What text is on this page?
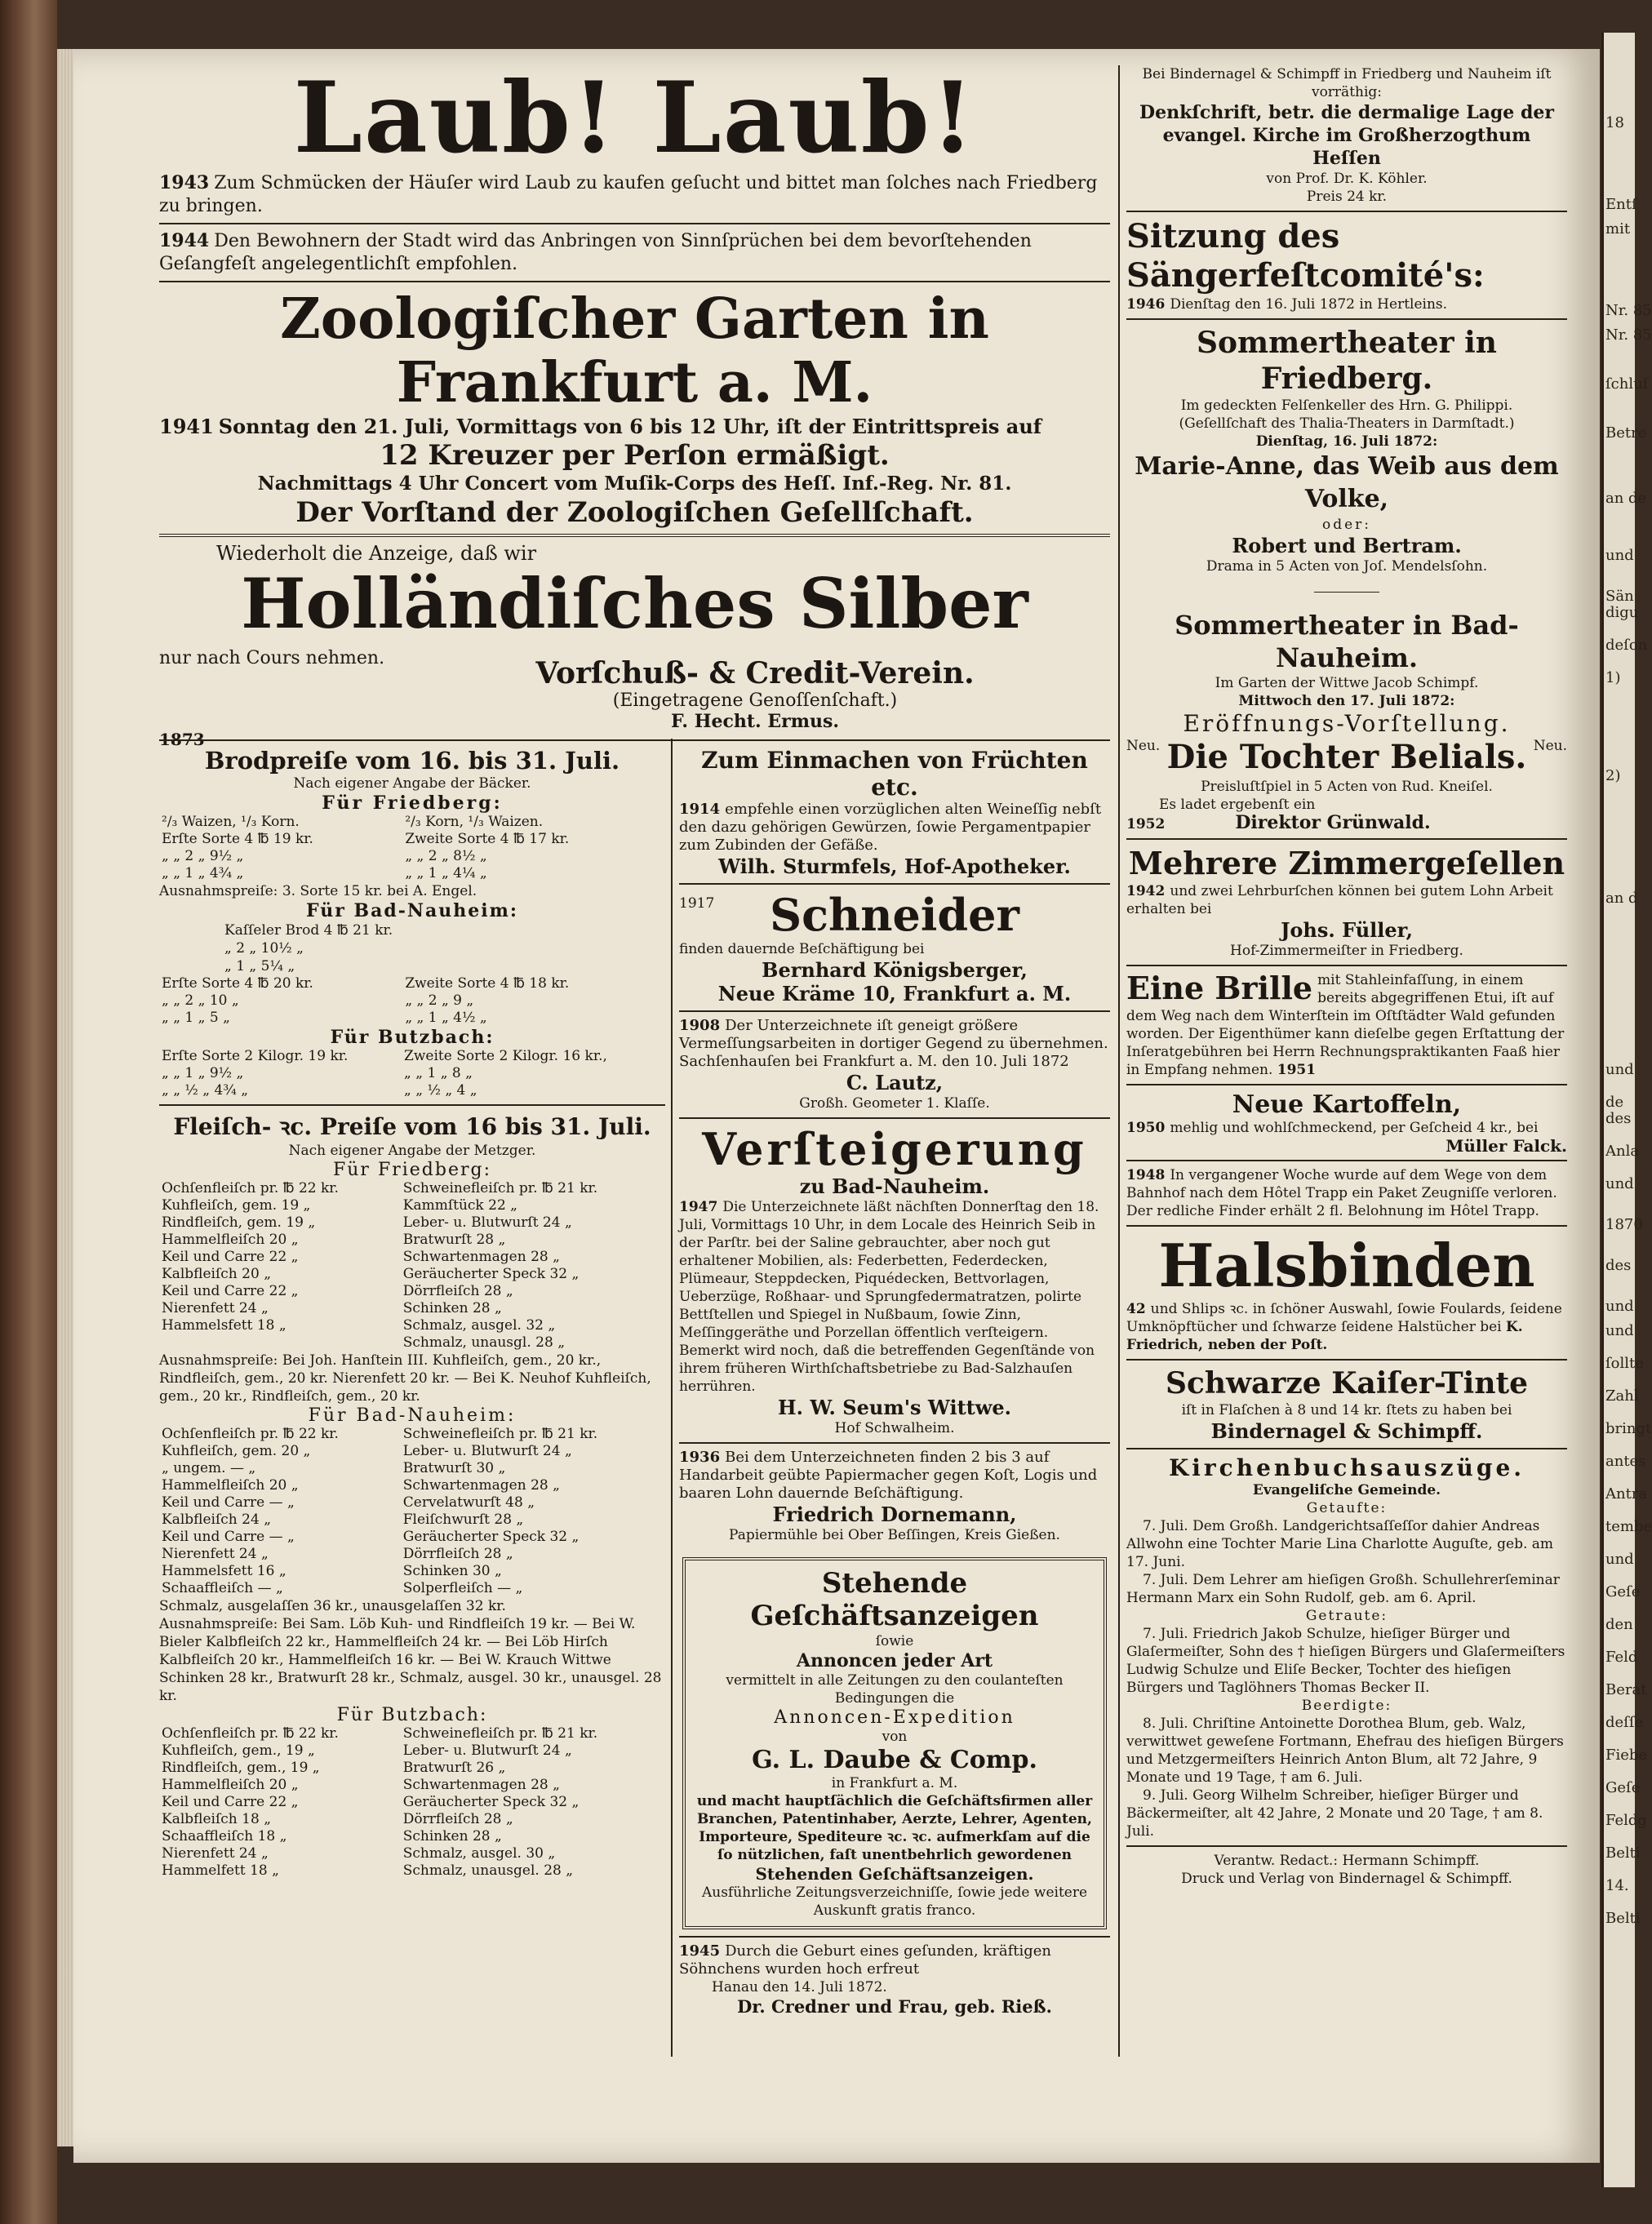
18
Entſ
mit
Nr. 85
Nr. 85
ſchluſ
Betre
an de
und
Sän
digu
deſon
1)
2)
an d
und
de
des
Anla
und
1870
des
und
und
ſollte
Zahl
bringt
antes
Antra
tembe
und
Geſe
den
Feld
Berat
deſſe
Fiebe
Geſe
Feldg
Belti
14.
Belti
Laub! Laub!
1943 Zum Schmücken der Häuſer wird Laub zu kaufen geſucht und bittet man ſolches nach Friedberg zu bringen.
1944 Den Bewohnern der Stadt wird das Anbringen von Sinnſprüchen bei dem bevorſtehenden Geſangfeſt angelegentlichſt empfohlen.
Zoologiſcher Garten in Frankfurt a. M.
1941 Sonntag den 21. Juli, Vormittags von 6 bis 12 Uhr, iſt der Eintrittspreis auf
12 Kreuzer per Perſon ermäßigt.
Nachmittags 4 Uhr Concert vom Muſik-Corps des Heſſ. Inf.-Reg. Nr. 81.
Der Vorſtand der Zoologiſchen Geſellſchaft.
Wiederholt die Anzeige, daß wir
Holländiſches Silber
nur nach Cours nehmen.	Vorſchuß- & Credit-Verein.
(Eingetragene Genoſſenſchaft.)
F. Hecht. Ermus.
1873
Brodpreiſe vom 16. bis 31. Juli.
Nach eigener Angabe der Bäcker.
Für Friedberg:
²/₃ Waizen, ¹/₃ Korn.	²/₃ Korn, ¹/₃ Waizen.
Erſte Sorte 4 ℔ 19 kr.	Zweite Sorte 4 ℔ 17 kr.
„ „ 2 „ 9½ „	„ „ 2 „ 8½ „
„ „ 1 „ 4¾ „	„ „ 1 „ 4¼ „
Ausnahmspreiſe: 3. Sorte 15 kr. bei A. Engel.
Für Bad-Nauheim:
Kaſſeler Brod 4 ℔ 21 kr.
„ 2 „ 10½ „
„ 1 „ 5¼ „
Erſte Sorte 4 ℔ 20 kr.	Zweite Sorte 4 ℔ 18 kr.
„ „ 2 „ 10 „	„ „ 2 „ 9 „
„ „ 1 „ 5 „	„ „ 1 „ 4½ „
Für Butzbach:
Erſte Sorte 2 Kilogr. 19 kr.	Zweite Sorte 2 Kilogr. 16 kr.,
„ „ 1 „ 9½ „	„ „ 1 „ 8 „
„ „ ½ „ 4¾ „	„ „ ½ „ 4 „
Fleiſch- ꝛc. Preiſe vom 16 bis 31. Juli.
Nach eigener Angabe der Metzger.
Für Friedberg:
Ochſenfleiſch pr. ℔ 22 kr.	Schweinefleiſch pr. ℔ 21 kr.
Kuhfleiſch, gem. 19 „	Kammſtück 22 „
Rindfleiſch, gem. 19 „	Leber- u. Blutwurſt 24 „
Hammelfleiſch 20 „	Bratwurſt 28 „
Keil und Carre 22 „	Schwartenmagen 28 „
Kalbfleiſch 20 „	Geräucherter Speck 32 „
Keil und Carre 22 „	Dörrfleiſch 28 „
Nierenfett 24 „	Schinken 28 „
Hammelsfett 18 „	Schmalz, ausgel. 32 „
	Schmalz, unausgl. 28 „
Ausnahmspreiſe: Bei Joh. Hanſtein III. Kuhfleiſch, gem., 20 kr., Rindfleiſch, gem., 20 kr. Nierenfett 20 kr. — Bei K. Neuhof Kuhfleiſch, gem., 20 kr., Rindfleiſch, gem., 20 kr.
Für Bad-Nauheim:
Ochſenfleiſch pr. ℔ 22 kr.	Schweinefleiſch pr. ℔ 21 kr.
Kuhfleiſch, gem. 20 „	Leber- u. Blutwurſt 24 „
„ ungem. — „	Bratwurſt 30 „
Hammelfleiſch 20 „	Schwartenmagen 28 „
Keil und Carre — „	Cervelatwurſt 48 „
Kalbfleiſch 24 „	Fleiſchwurſt 28 „
Keil und Carre — „	Geräucherter Speck 32 „
Nierenfett 24 „	Dörrfleiſch 28 „
Hammelsfett 16 „	Schinken 30 „
Schaaffleiſch — „	Solperfleiſch — „
Schmalz, ausgelaſſen 36 kr., unausgelaſſen 32 kr.
Ausnahmspreiſe: Bei Sam. Löb Kuh- und Rindfleiſch 19 kr. — Bei W. Bieler Kalbfleiſch 22 kr., Hammelfleiſch 24 kr. — Bei Löb Hirſch Kalbfleiſch 20 kr., Hammelfleiſch 16 kr. — Bei W. Krauch Wittwe Schinken 28 kr., Bratwurſt 28 kr., Schmalz, ausgel. 30 kr., unausgel. 28 kr.
Für Butzbach:
Ochſenfleiſch pr. ℔ 22 kr.	Schweinefleiſch pr. ℔ 21 kr.
Kuhfleiſch, gem., 19 „	Leber- u. Blutwurſt 24 „
Rindfleiſch, gem., 19 „	Bratwurſt 26 „
Hammelfleiſch 20 „	Schwartenmagen 28 „
Keil und Carre 22 „	Geräucherter Speck 32 „
Kalbfleiſch 18 „	Dörrfleiſch 28 „
Schaaffleiſch 18 „	Schinken 28 „
Nierenfett 24 „	Schmalz, ausgel. 30 „
Hammelfett 18 „	Schmalz, unausgel. 28 „
Zum Einmachen von Früchten etc.
1914 empfehle einen vorzüglichen alten Weineſſig nebſt den dazu gehörigen Gewürzen, ſowie Pergamentpapier zum Zubinden der Gefäße.
Wilh. Sturmfels, Hof-Apotheker.
1917	Schneider
finden dauernde Beſchäftigung bei
Bernhard Königsberger,
Neue Kräme 10, Frankfurt a. M.
1908 Der Unterzeichnete iſt geneigt größere Vermeſſungsarbeiten in dortiger Gegend zu übernehmen. Sachſenhauſen bei Frankfurt a. M. den 10. Juli 1872
C. Lautz,
Großh. Geometer 1. Klaſſe.
Verſteigerung
zu Bad-Nauheim.
1947 Die Unterzeichnete läßt nächſten Donnerſtag den 18. Juli, Vormittags 10 Uhr, in dem Locale des Heinrich Seib in der Parſtr. bei der Saline gebrauchter, aber noch gut erhaltener Mobilien, als: Federbetten, Federdecken, Plümeaur, Steppdecken, Piquédecken, Bettvorlagen, Ueberzüge, Roßhaar- und Sprungfedermatratzen, polirte Bettſtellen und Spiegel in Nußbaum, ſowie Zinn, Meſſinggeräthe und Porzellan öffentlich verſteigern. Bemerkt wird noch, daß die betreffenden Gegenſtände von ihrem früheren Wirthſchaftsbetriebe zu Bad-Salzhauſen herrühren.
H. W. Seum's Wittwe.
Hof Schwalheim.
1936 Bei dem Unterzeichneten finden 2 bis 3 auf Handarbeit geübte Papiermacher gegen Koſt, Logis und baaren Lohn dauernde Beſchäftigung.
Friedrich Dornemann,
Papiermühle bei Ober Beſſingen, Kreis Gießen.
Stehende Geſchäftsanzeigen
ſowie
Annoncen jeder Art
vermittelt in alle Zeitungen zu den coulanteſten Bedingungen die
Annoncen-Expedition
von
G. L. Daube & Comp.
in Frankfurt a. M.
und macht hauptſächlich die Geſchäftsfirmen aller Branchen, Patentinhaber, Aerzte, Lehrer, Agenten, Importeure, Spediteure ꝛc. ꝛc. aufmerkſam auf die ſo nützlichen, faſt unentbehrlich gewordenen
Stehenden Geſchäftsanzeigen.
Ausführliche Zeitungsverzeichniſſe, ſowie jede weitere Auskunft gratis franco.
1945 Durch die Geburt eines geſunden, kräftigen Söhnchens wurden hoch erfreut
Hanau den 14. Juli 1872.
Dr. Credner und Frau, geb. Rieß.
Bei Bindernagel & Schimpff in Friedberg und Nauheim iſt vorräthig:
Denkſchrift, betr. die dermalige Lage der evangel. Kirche im Großherzogthum Heſſen
von Prof. Dr. K. Köhler.
Preis 24 kr.
Sitzung des Sängerfeſtcomité's:
1946 Dienſtag den 16. Juli 1872 in Hertleins.
Sommertheater in Friedberg.
Im gedeckten Felſenkeller des Hrn. G. Philippi.
(Geſellſchaft des Thalia-Theaters in Darmſtadt.)
Dienſtag, 16. Juli 1872:
Marie-Anne, das Weib aus dem Volke,
oder:
Robert und Bertram.
Drama in 5 Acten von Joſ. Mendelsſohn.
Sommertheater in Bad-Nauheim.
Im Garten der Wittwe Jacob Schimpf.
Mittwoch den 17. Juli 1872:
Eröffnungs-Vorſtellung.
Neu.	Neu.
Die Tochter Belials.
Preisluſtſpiel in 5 Acten von Rud. Kneiſel.
Es ladet ergebenſt ein
1952	Direktor Grünwald.
Mehrere Zimmergeſellen
1942 und zwei Lehrburſchen können bei gutem Lohn Arbeit erhalten bei
Johs. Füller,
Hof-Zimmermeiſter in Friedberg.
Eine Brille mit Stahleinfaſſung, in einem bereits abgegriffenen Etui, iſt auf dem Weg nach dem Winterſtein im Oſtſtädter Wald gefunden worden. Der Eigenthümer kann dieſelbe gegen Erſtattung der Inſeratgebühren bei Herrn Rechnungspraktikanten Faaß hier in Empfang nehmen. 1951
Neue Kartoffeln,
1950 mehlig und wohlſchmeckend, per Geſcheid 4 kr., bei
Müller Falck.
1948 In vergangener Woche wurde auf dem Wege von dem Bahnhof nach dem Hôtel Trapp ein Paket Zeugniſſe verloren. Der redliche Finder erhält 2 fl. Belohnung im Hôtel Trapp.
Halsbinden
42 und Shlips ꝛc. in ſchöner Auswahl, ſowie Foulards, ſeidene Umknöpftücher und ſchwarze ſeidene Halstücher bei K. Friedrich, neben der Poſt.
Schwarze Kaiſer-Tinte
iſt in Flaſchen à 8 und 14 kr. ſtets zu haben bei
Bindernagel & Schimpff.
Kirchenbuchsauszüge.
Evangeliſche Gemeinde.
Getaufte:
7. Juli. Dem Großh. Landgerichtsaſſeſſor dahier Andreas Allwohn eine Tochter Marie Lina Charlotte Auguſte, geb. am 17. Juni.
7. Juli. Dem Lehrer am hieſigen Großh. Schullehrerſeminar Hermann Marx ein Sohn Rudolf, geb. am 6. April.
Getraute:
7. Juli. Friedrich Jakob Schulze, hieſiger Bürger und Glaſermeiſter, Sohn des † hieſigen Bürgers und Glaſermeiſters Ludwig Schulze und Eliſe Becker, Tochter des hieſigen Bürgers und Taglöhners Thomas Becker II.
Beerdigte:
8. Juli. Chriſtine Antoinette Dorothea Blum, geb. Walz, verwittwet geweſene Fortmann, Ehefrau des hieſigen Bürgers und Metzgermeiſters Heinrich Anton Blum, alt 72 Jahre, 9 Monate und 19 Tage, † am 6. Juli.
9. Juli. Georg Wilhelm Schreiber, hieſiger Bürger und Bäckermeiſter, alt 42 Jahre, 2 Monate und 20 Tage, † am 8. Juli.
Verantw. Redact.: Hermann Schimpff.
Druck und Verlag von Bindernagel & Schimpff.
